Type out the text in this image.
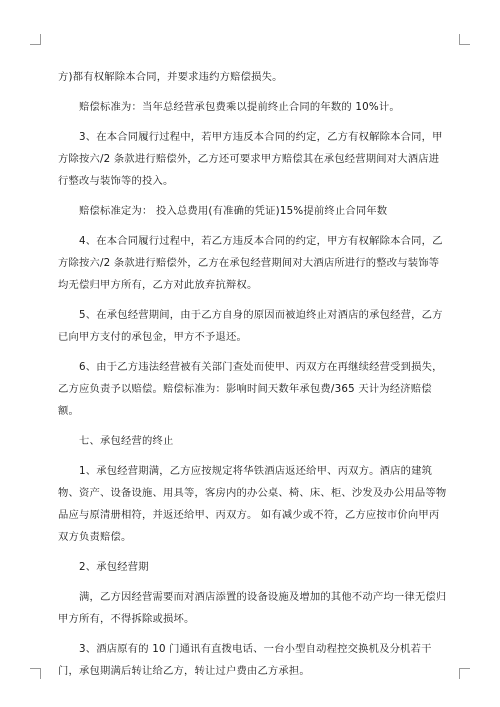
方)都有权解除本合同，并要求违约方赔偿损失。

　　赔偿标准为：当年总经营承包费乘以提前终止合同的年数的 10%计。

　　3、在本合同履行过程中，若甲方违反本合同的约定，乙方有权解除本合同，甲方除按六/2 条款进行赔偿外，乙方还可要求甲方赔偿其在承包经营期间对大酒店进行整改与装饰等的投入。

　　赔偿标准定为： 投入总费用(有准确的凭证)15%提前终止合同年数

　　4、在本合同履行过程中，若乙方违反本合同的约定，甲方有权解除本合同，乙方除按六/2 条款进行赔偿外，乙方在承包经营期间对大酒店所进行的整改与装饰等均无偿归甲方所有，乙方对此放弃抗辩权。

　　5、在承包经营期间，由于乙方自身的原因而被迫终止对酒店的承包经营，乙方已向甲方支付的承包金，甲方不予退还。

　　6、由于乙方违法经营被有关部门查处而使甲、丙双方在再继续经营受到损失，乙方应负责予以赔偿。赔偿标准为：影响时间天数年承包费/365 天计为经济赔偿额。

　　七、承包经营的终止

　　1、承包经营期满，乙方应按规定将华铁酒店返还给甲、丙双方。酒店的建筑物、资产、设备设施、用具等，客房内的办公桌、椅、床、柜、沙发及办公用品等物品应与原清册相符，并返还给甲、丙双方。 如有减少或不符，乙方应按市价向甲丙双方负责赔偿。

　　2、承包经营期

　　满，乙方因经营需要而对酒店添置的设备设施及增加的其他不动产均一律无偿归甲方所有，不得拆除或损坏。

　　3、酒店原有的 10 门通讯有直拨电话、一台小型自动程控交换机及分机若干门，承包期满后转让给乙方，转让过户费由乙方承担。
